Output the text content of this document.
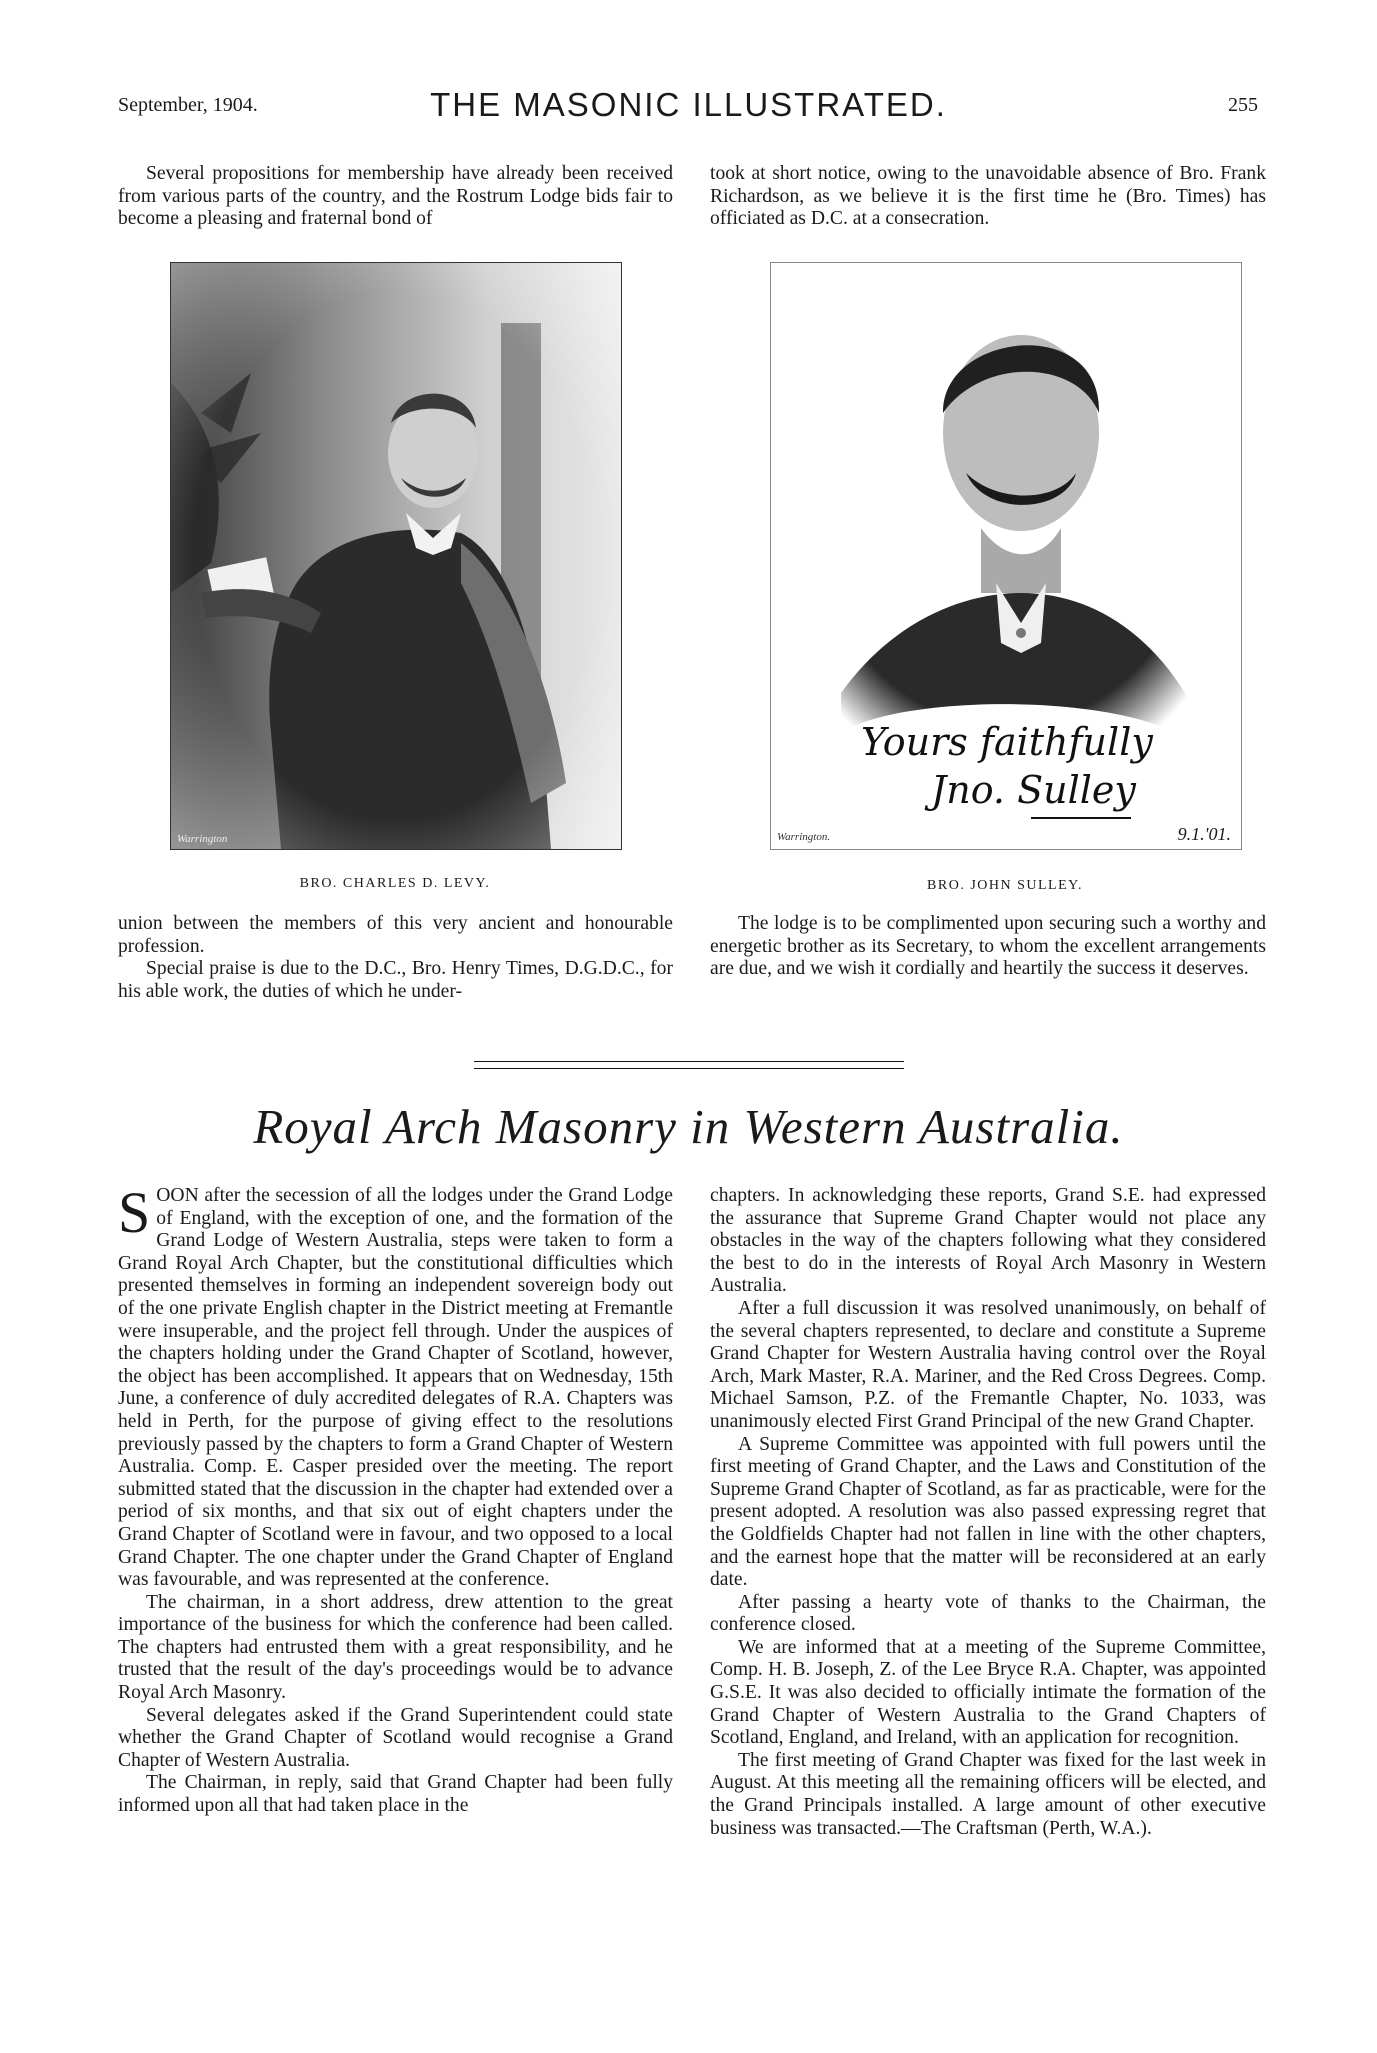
September, 1904.	THE MASONIC ILLUSTRATED.	255

Several propositions for membership have already been received from various parts of the country, and the Rostrum Lodge bids fair to become a pleasing and fraternal bond of

took at short notice, owing to the unavoidable absence of Bro. Frank Richardson, as we believe it is the first time he (Bro. Times) has officiated as D.C. at a consecration.

Warrington
BRO. CHARLES D. LEVY.
Yours faithfully
Jno. Sulley
Warrington.	9.1.'01.
BRO. JOHN SULLEY.

union between the members of this very ancient and honourable profession.

Special praise is due to the D.C., Bro. Henry Times, D.G.D.C., for his able work, the duties of which he under-

The lodge is to be complimented upon securing such a worthy and energetic brother as its Secretary, to whom the excellent arrangements are due, and we wish it cordially and heartily the success it deserves.

Royal Arch Masonry in Western Australia.

SOON after the secession of all the lodges under the Grand Lodge of England, with the exception of one, and the formation of the Grand Lodge of Western Australia, steps were taken to form a Grand Royal Arch Chapter, but the constitutional difficulties which presented themselves in forming an independent sovereign body out of the one private English chapter in the District meeting at Fremantle were insuperable, and the project fell through. Under the auspices of the chapters holding under the Grand Chapter of Scotland, however, the object has been accomplished. It appears that on Wednesday, 15th June, a conference of duly accredited delegates of R.A. Chapters was held in Perth, for the purpose of giving effect to the resolutions previously passed by the chapters to form a Grand Chapter of Western Australia. Comp. E. Casper presided over the meeting. The report submitted stated that the discussion in the chapter had extended over a period of six months, and that six out of eight chapters under the Grand Chapter of Scotland were in favour, and two opposed to a local Grand Chapter. The one chapter under the Grand Chapter of England was favourable, and was represented at the conference.

The chairman, in a short address, drew attention to the great importance of the business for which the conference had been called. The chapters had entrusted them with a great responsibility, and he trusted that the result of the day's proceedings would be to advance Royal Arch Masonry.

Several delegates asked if the Grand Superintendent could state whether the Grand Chapter of Scotland would recognise a Grand Chapter of Western Australia.

The Chairman, in reply, said that Grand Chapter had been fully informed upon all that had taken place in the

chapters. In acknowledging these reports, Grand S.E. had expressed the assurance that Supreme Grand Chapter would not place any obstacles in the way of the chapters following what they considered the best to do in the interests of Royal Arch Masonry in Western Australia.

After a full discussion it was resolved unanimously, on behalf of the several chapters represented, to declare and constitute a Supreme Grand Chapter for Western Australia having control over the Royal Arch, Mark Master, R.A. Mariner, and the Red Cross Degrees. Comp. Michael Samson, P.Z. of the Fremantle Chapter, No. 1033, was unanimously elected First Grand Principal of the new Grand Chapter.

A Supreme Committee was appointed with full powers until the first meeting of Grand Chapter, and the Laws and Constitution of the Supreme Grand Chapter of Scotland, as far as practicable, were for the present adopted. A resolution was also passed expressing regret that the Goldfields Chapter had not fallen in line with the other chapters, and the earnest hope that the matter will be reconsidered at an early date.

After passing a hearty vote of thanks to the Chairman, the conference closed.

We are informed that at a meeting of the Supreme Committee, Comp. H. B. Joseph, Z. of the Lee Bryce R.A. Chapter, was appointed G.S.E. It was also decided to officially intimate the formation of the Grand Chapter of Western Australia to the Grand Chapters of Scotland, England, and Ireland, with an application for recognition.

The first meeting of Grand Chapter was fixed for the last week in August. At this meeting all the remaining officers will be elected, and the Grand Principals installed. A large amount of other executive business was transacted.—The Craftsman (Perth, W.A.).
